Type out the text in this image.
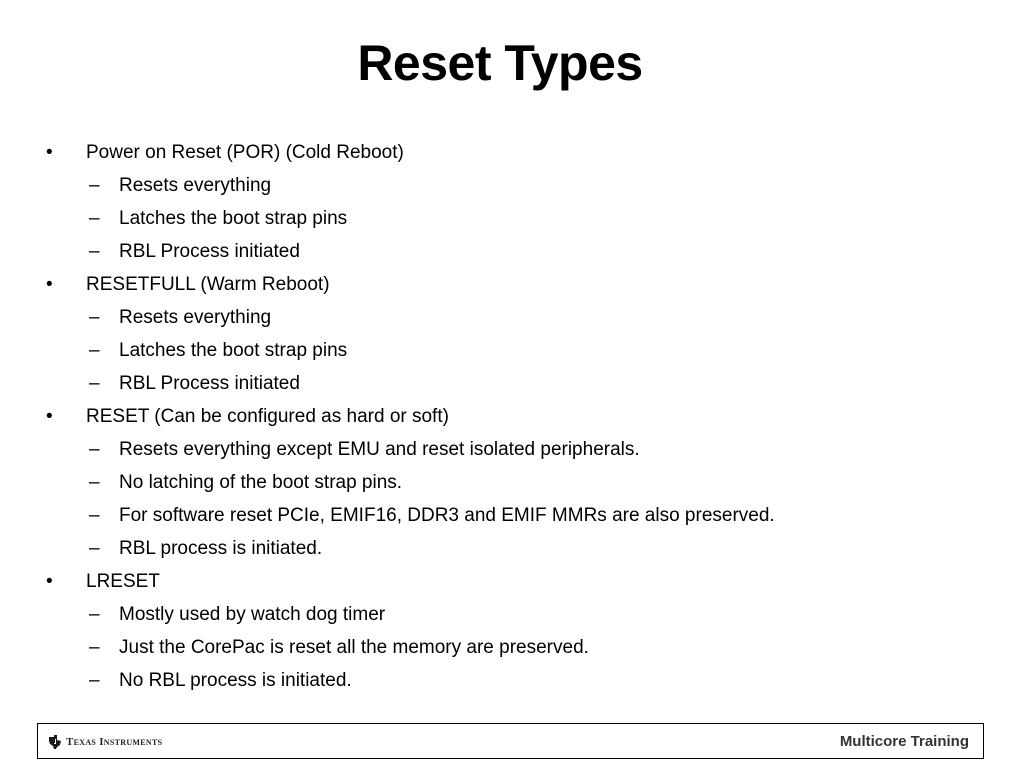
Reset Types
•	Power on Reset (POR) (Cold Reboot)
–	Resets everything
–	Latches the boot strap pins
–	RBL Process initiated
•	RESETFULL (Warm Reboot)
–	Resets everything
–	Latches the boot strap pins
–	RBL Process initiated
•	RESET (Can be configured as hard or soft)
–	Resets everything except EMU and reset isolated peripherals.
–	No latching of the boot strap pins.
–	For software reset PCIe, EMIF16, DDR3 and EMIF MMRs are also preserved.
–	RBL process is initiated.
•	LRESET
–	Mostly used by watch dog timer
–	Just the CorePac is reset all the memory are preserved.
–	No RBL process is initiated.
Texas Instruments	Multicore Training
